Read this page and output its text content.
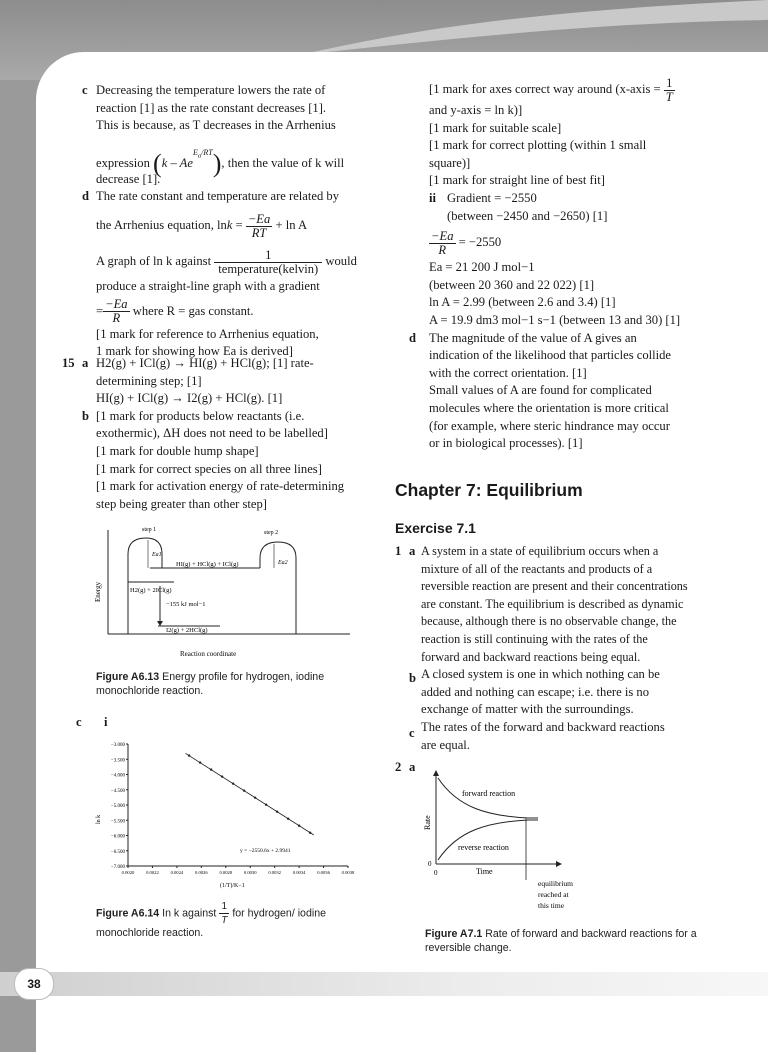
c Decreasing the temperature lowers the rate of
reaction [1] as the rate constant decreases [1].
This is because, as T decreases in the Arrhenius
expression $(k - Ae^{E_a/RT})$, then the value of k will
decrease [1].
d The rate constant and temperature are related by
the Arrhenius equation, $\ln k = \frac{-Ea}{RT} + \ln A$
A graph of ln k against $\frac{1}{\text{temperature(kelvin)}}$ would
produce a straight-line graph with a gradient
= $\frac{-Ea}{R}$ where R = gas constant.
[1 mark for reference to Arrhenius equation,
1 mark for showing how Ea is derived]
15 a H2(g) + ICl(g) → HI(g) + HCl(g); [1] rate-
determining step; [1]
HI(g) + ICl(g) → I2(g) + HCl(g). [1]
b [1 mark for products below reactants (i.e.
exothermic), ΔH does not need to be labelled]
[1 mark for double hump shape]
[1 mark for correct species on all three lines]
[1 mark for activation energy of rate-determining
step being greater than other step]
Energy
Reaction coordinate
step 1	step 2
Ea1
Ea2
HI(g) + HCl(g) + ICl(g)
H2(g) + 2ICl(g)
−155 kJ mol−1
I2(g) + 2HCl(g)
Figure A6.13 Energy profile for hydrogen, iodine
monochloride reaction.
c i
ln k
(1/T)/K−1
y = −2550.6x + 2.9941
−3.000
−3.500
−4.000
−4.500
−5.000
−5.500
−6.000
−6.500
−7.000
0.0020	0.0022	0.0024	0.0026	0.0028	0.0030	0.0032	0.0034	0.0036	0.0038
Figure A6.14 In k against $\frac{1}{T}$ for hydrogen/ iodine
monochloride reaction.
[1 mark for axes correct way around (x-axis = $\frac{1}{T}$
and y-axis = ln k)]
[1 mark for suitable scale]
[1 mark for correct plotting (within 1 small
square)]
[1 mark for straight line of best fit]
ii Gradient = −2550
(between −2450 and −2650) [1]
$\frac{-Ea}{R} = -2550$
Ea = 21 200 J mol−1
(between 20 360 and 22 022) [1]
ln A = 2.99 (between 2.6 and 3.4) [1]
A = 19.9 dm3 mol−1 s−1 (between 13 and 30) [1]
d The magnitude of the value of A gives an
indication of the likelihood that particles collide
with the correct orientation. [1]
Small values of A are found for complicated
molecules where the orientation is more critical
(for example, where steric hindrance may occur
or in biological processes). [1]
Chapter 7: Equilibrium
Exercise 7.1
1 a A system in a state of equilibrium occurs when a
mixture of all of the reactants and products of a
reversible reaction are present and their concentrations
are constant. The equilibrium is described as dynamic
because, although there is no observable change, the
reaction is still continuing with the rates of the
forward and backward reactions being equal.
b A closed system is one in which nothing can be
added and nothing can escape; i.e. there is no
exchange of matter with the surroundings.
c The rates of the forward and backward reactions
are equal.
2 a
forward reaction
reverse reaction
Rate
Time
0
0
equilibrium
reached at
this time
Figure A7.1 Rate of forward and backward reactions for a
reversible change.
38
